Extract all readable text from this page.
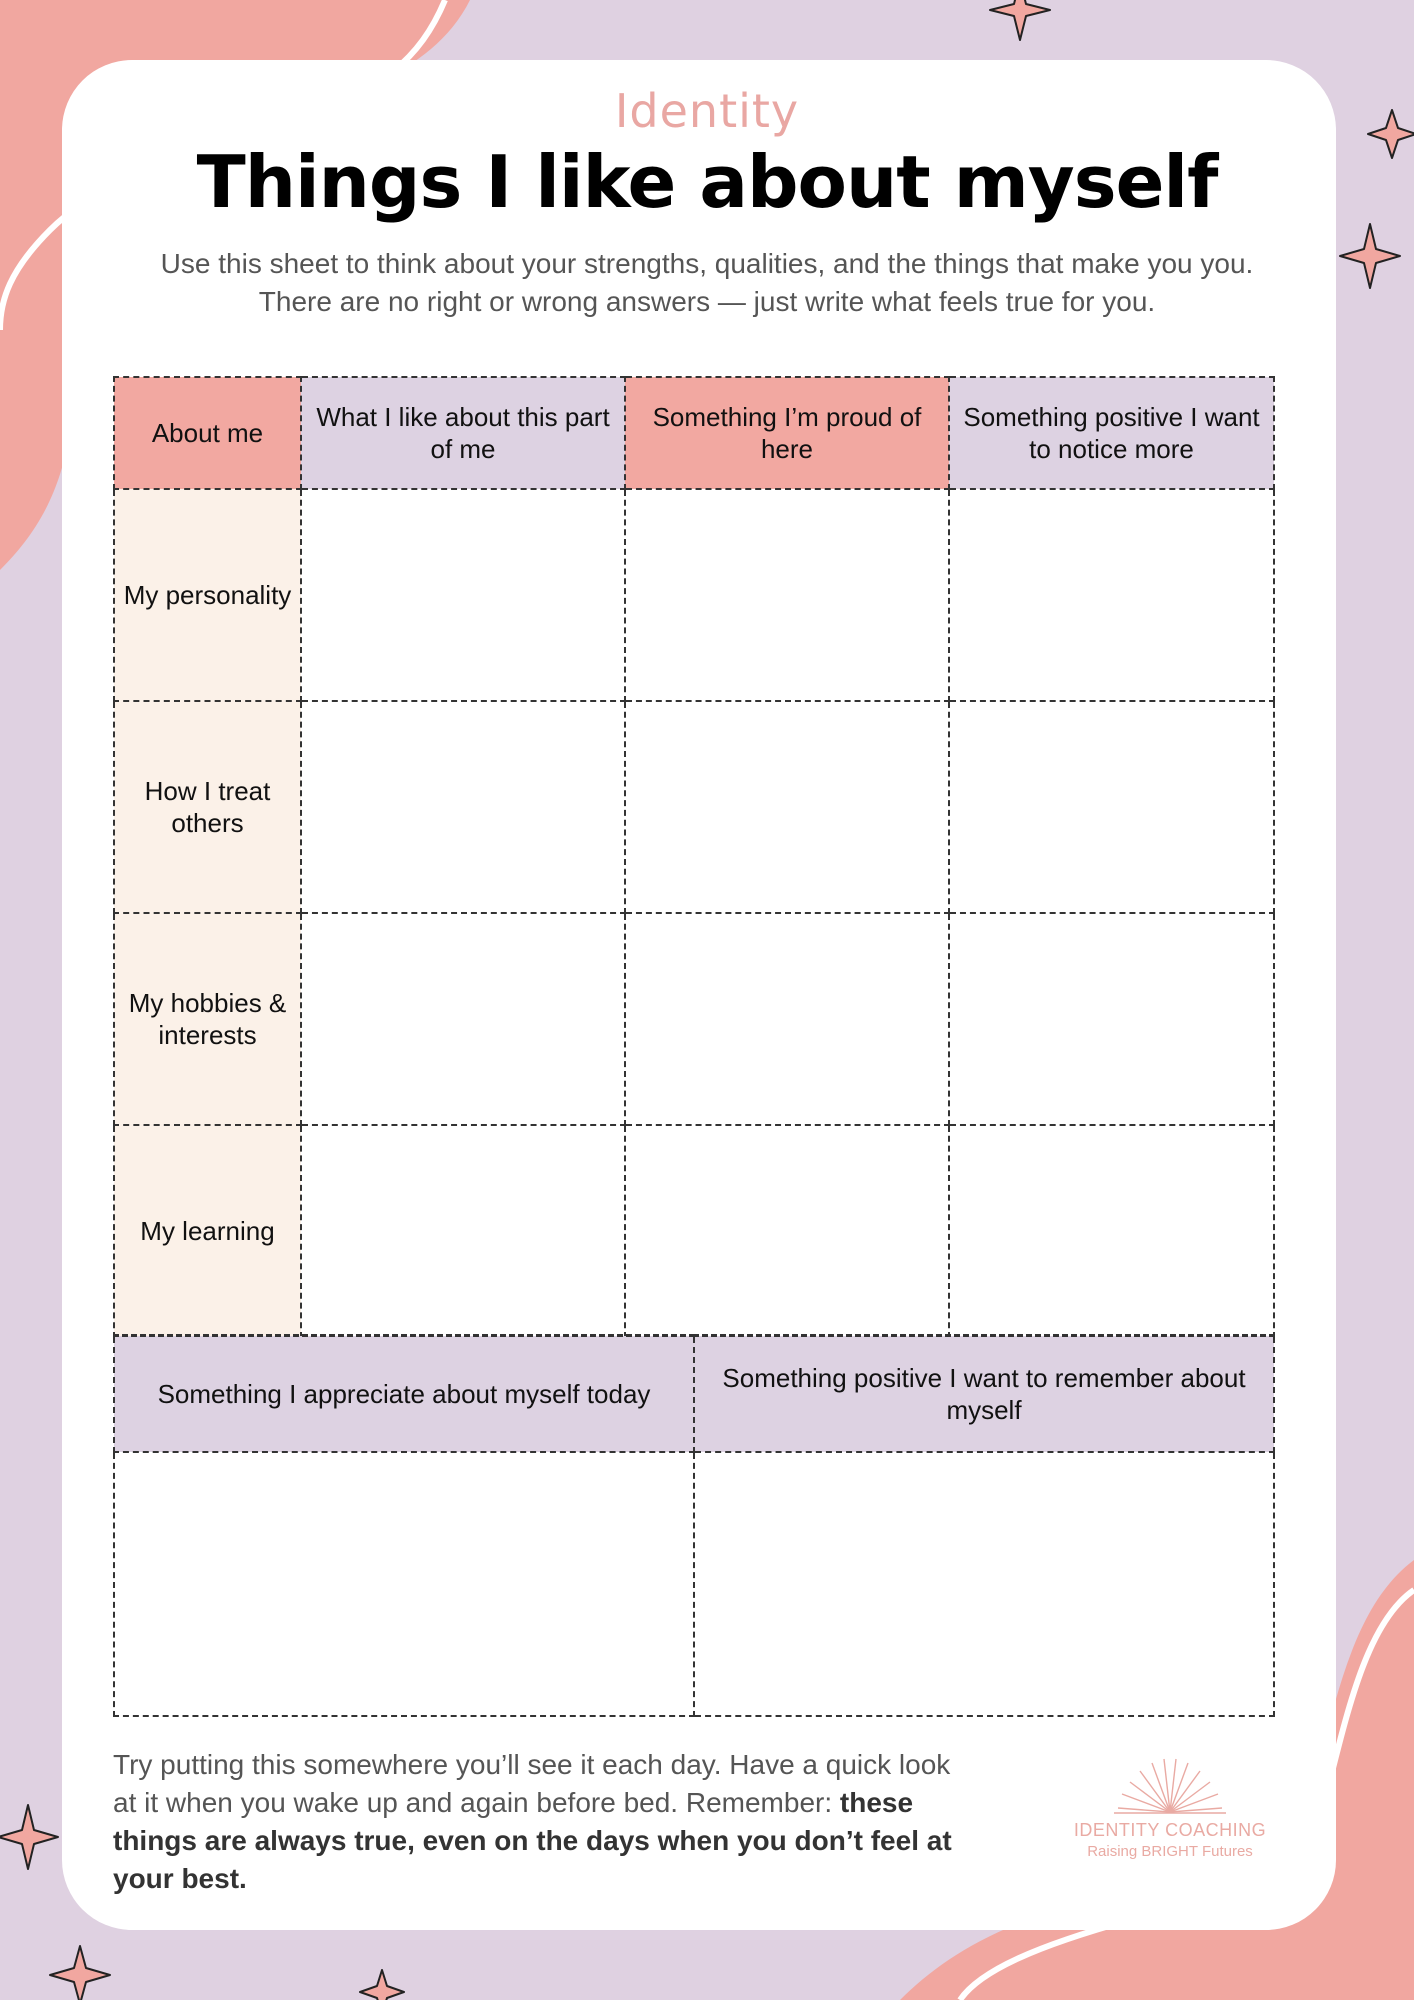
Identity
Things I like about myself
Use this sheet to think about your strengths, qualities, and the things that make you you. There are no right or wrong answers — just write what feels true for you.
About me	What I like about this part of me	Something I’m proud of here	Something positive I want to notice more
My personality			
How I treat others			
My hobbies & interests			
My learning			
Something I appreciate about myself today	Something positive I want to remember about myself

Try putting this somewhere you’ll see it each day. Have a quick look at it when you wake up and again before bed. Remember: these things are always true, even on the days when you don’t feel at your best.
IDENTITY COACHING
Raising BRIGHT Futures
